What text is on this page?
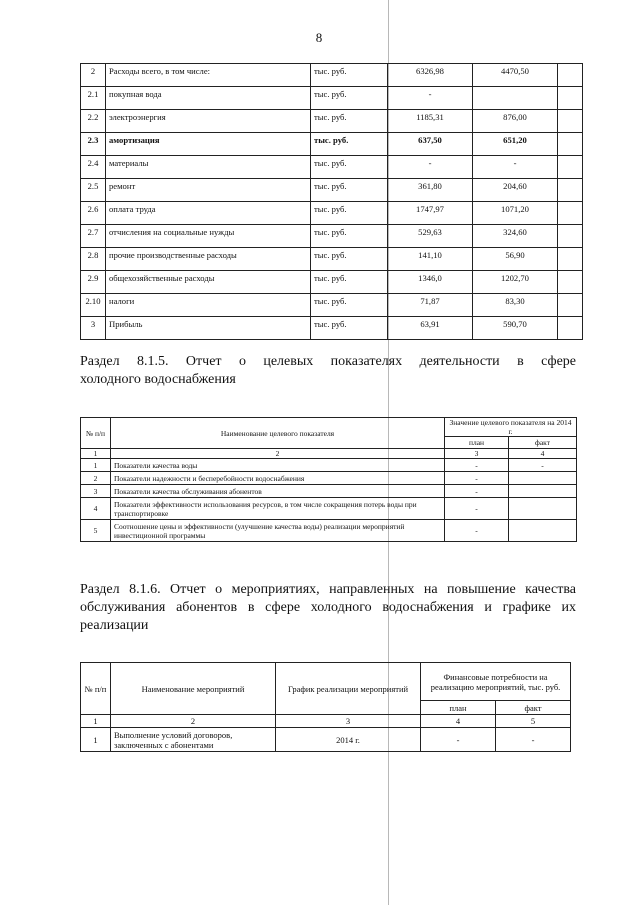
8
2	Расходы всего, в том числе:	тыс. руб.	6326,98	4470,50	
2.1	покупная вода	тыс. руб.	-		
2.2	электроэнергия	тыс. руб.	1185,31	876,00	
2.3	амортизация	тыс. руб.	637,50	651,20	
2.4	материалы	тыс. руб.	-	-	
2.5	ремонт	тыс. руб.	361,80	204,60	
2.6	оплата труда	тыс. руб.	1747,97	1071,20	
2.7	отчисления на социальные нужды	тыс. руб.	529,63	324,60	
2.8	прочие производственные расходы	тыс. руб.	141,10	56,90	
2.9	общехозяйственные расходы	тыс. руб.	1346,0	1202,70	
2.10	налоги	тыс. руб.	71,87	83,30	
3	Прибыль	тыс. руб.	63,91	590,70	
Раздел 8.1.5. Отчет о целевых показателях деятельности в сфере
холодного водоснабжения
№ п/п	Наименование целевого показателя	Значение целевого показателя на 2014 г.	
		план	факт
1	2	3	4
1	Показатели качества воды	-	-
2	Показатели надежности и бесперебойности водоснабжения	-	
3	Показатели качества обслуживания абонентов	-	
4	Показатели эффективности использования ресурсов, в том числе сокращения потерь воды при транспортировке	-	
5	Соотношение цены и эффективности (улучшение качества воды) реализации мероприятий инвестиционной программы	-	
Раздел 8.1.6. Отчет о мероприятиях, направленных на повышение качества
обслуживания абонентов в сфере холодного водоснабжения и графике их
реализации
№ п/п	Наименование мероприятий	График реализации мероприятий	Финансовые потребности на реализацию мероприятий, тыс. руб.	
			план	факт
1	2	3	4	5
1	Выполнение условий договоров, заключенных с абонентами	2014 г.	-	-
